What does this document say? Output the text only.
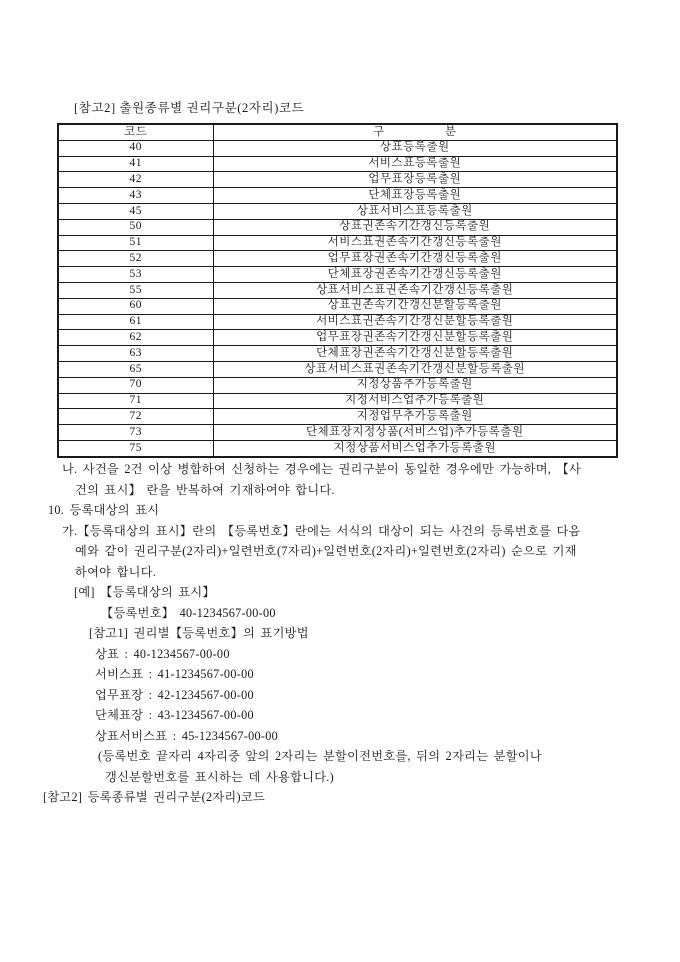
[참고2] 출원종류별 권리구분(2자리)코드
코드	구　　　　　분
40	상표등록출원
41	서비스표등록출원
42	업무표장등록출원
43	단체표장등록출원
45	상표서비스표등록출원
50	상표권존속기간갱신등록출원
51	서비스표권존속기간갱신등록출원
52	업무표장권존속기간갱신등록출원
53	단체표장권존속기간갱신등록출원
55	상표서비스표권존속기간갱신등록출원
60	상표권존속기간갱신분할등록출원
61	서비스표권존속기간갱신분할등록출원
62	업무표장권존속기간갱신분할등록출원
63	단체표장권존속기간갱신분할등록출원
65	상표서비스표권존속기간갱신분할등록출원
70	지정상품추가등록출원
71	지정서비스업추가등록출원
72	지정업무추가등록출원
73	단체표장지정상품(서비스업)추가등록출원
75	지정상품서비스업추가등록출원
나. 사건을 2건 이상 병합하여 신청하는 경우에는 권리구분이 동일한 경우에만 가능하며, 【사
건의 표시】 란을 반복하여 기재하여야 합니다.
10. 등록대상의 표시
가.【등록대상의 표시】란의 【등록번호】란에는 서식의 대상이 되는 사건의 등록번호를 다음
예와 같이 권리구분(2자리)+일련번호(7자리)+일련번호(2자리)+일련번호(2자리) 순으로 기재
하여야 합니다.
[예] 【등록대상의 표시】
【등록번호】 40-1234567-00-00
[참고1] 권리별【등록번호】의 표기방법
상표 : 40-1234567-00-00
서비스표 : 41-1234567-00-00
업무표장 : 42-1234567-00-00
단체표장 : 43-1234567-00-00
상표서비스표 : 45-1234567-00-00
(등록번호 끝자리 4자리중 앞의 2자리는 분할이전번호를, 뒤의 2자리는 분할이나
갱신분할번호를 표시하는 데 사용합니다.)
[참고2] 등록종류별 권리구분(2자리)코드
